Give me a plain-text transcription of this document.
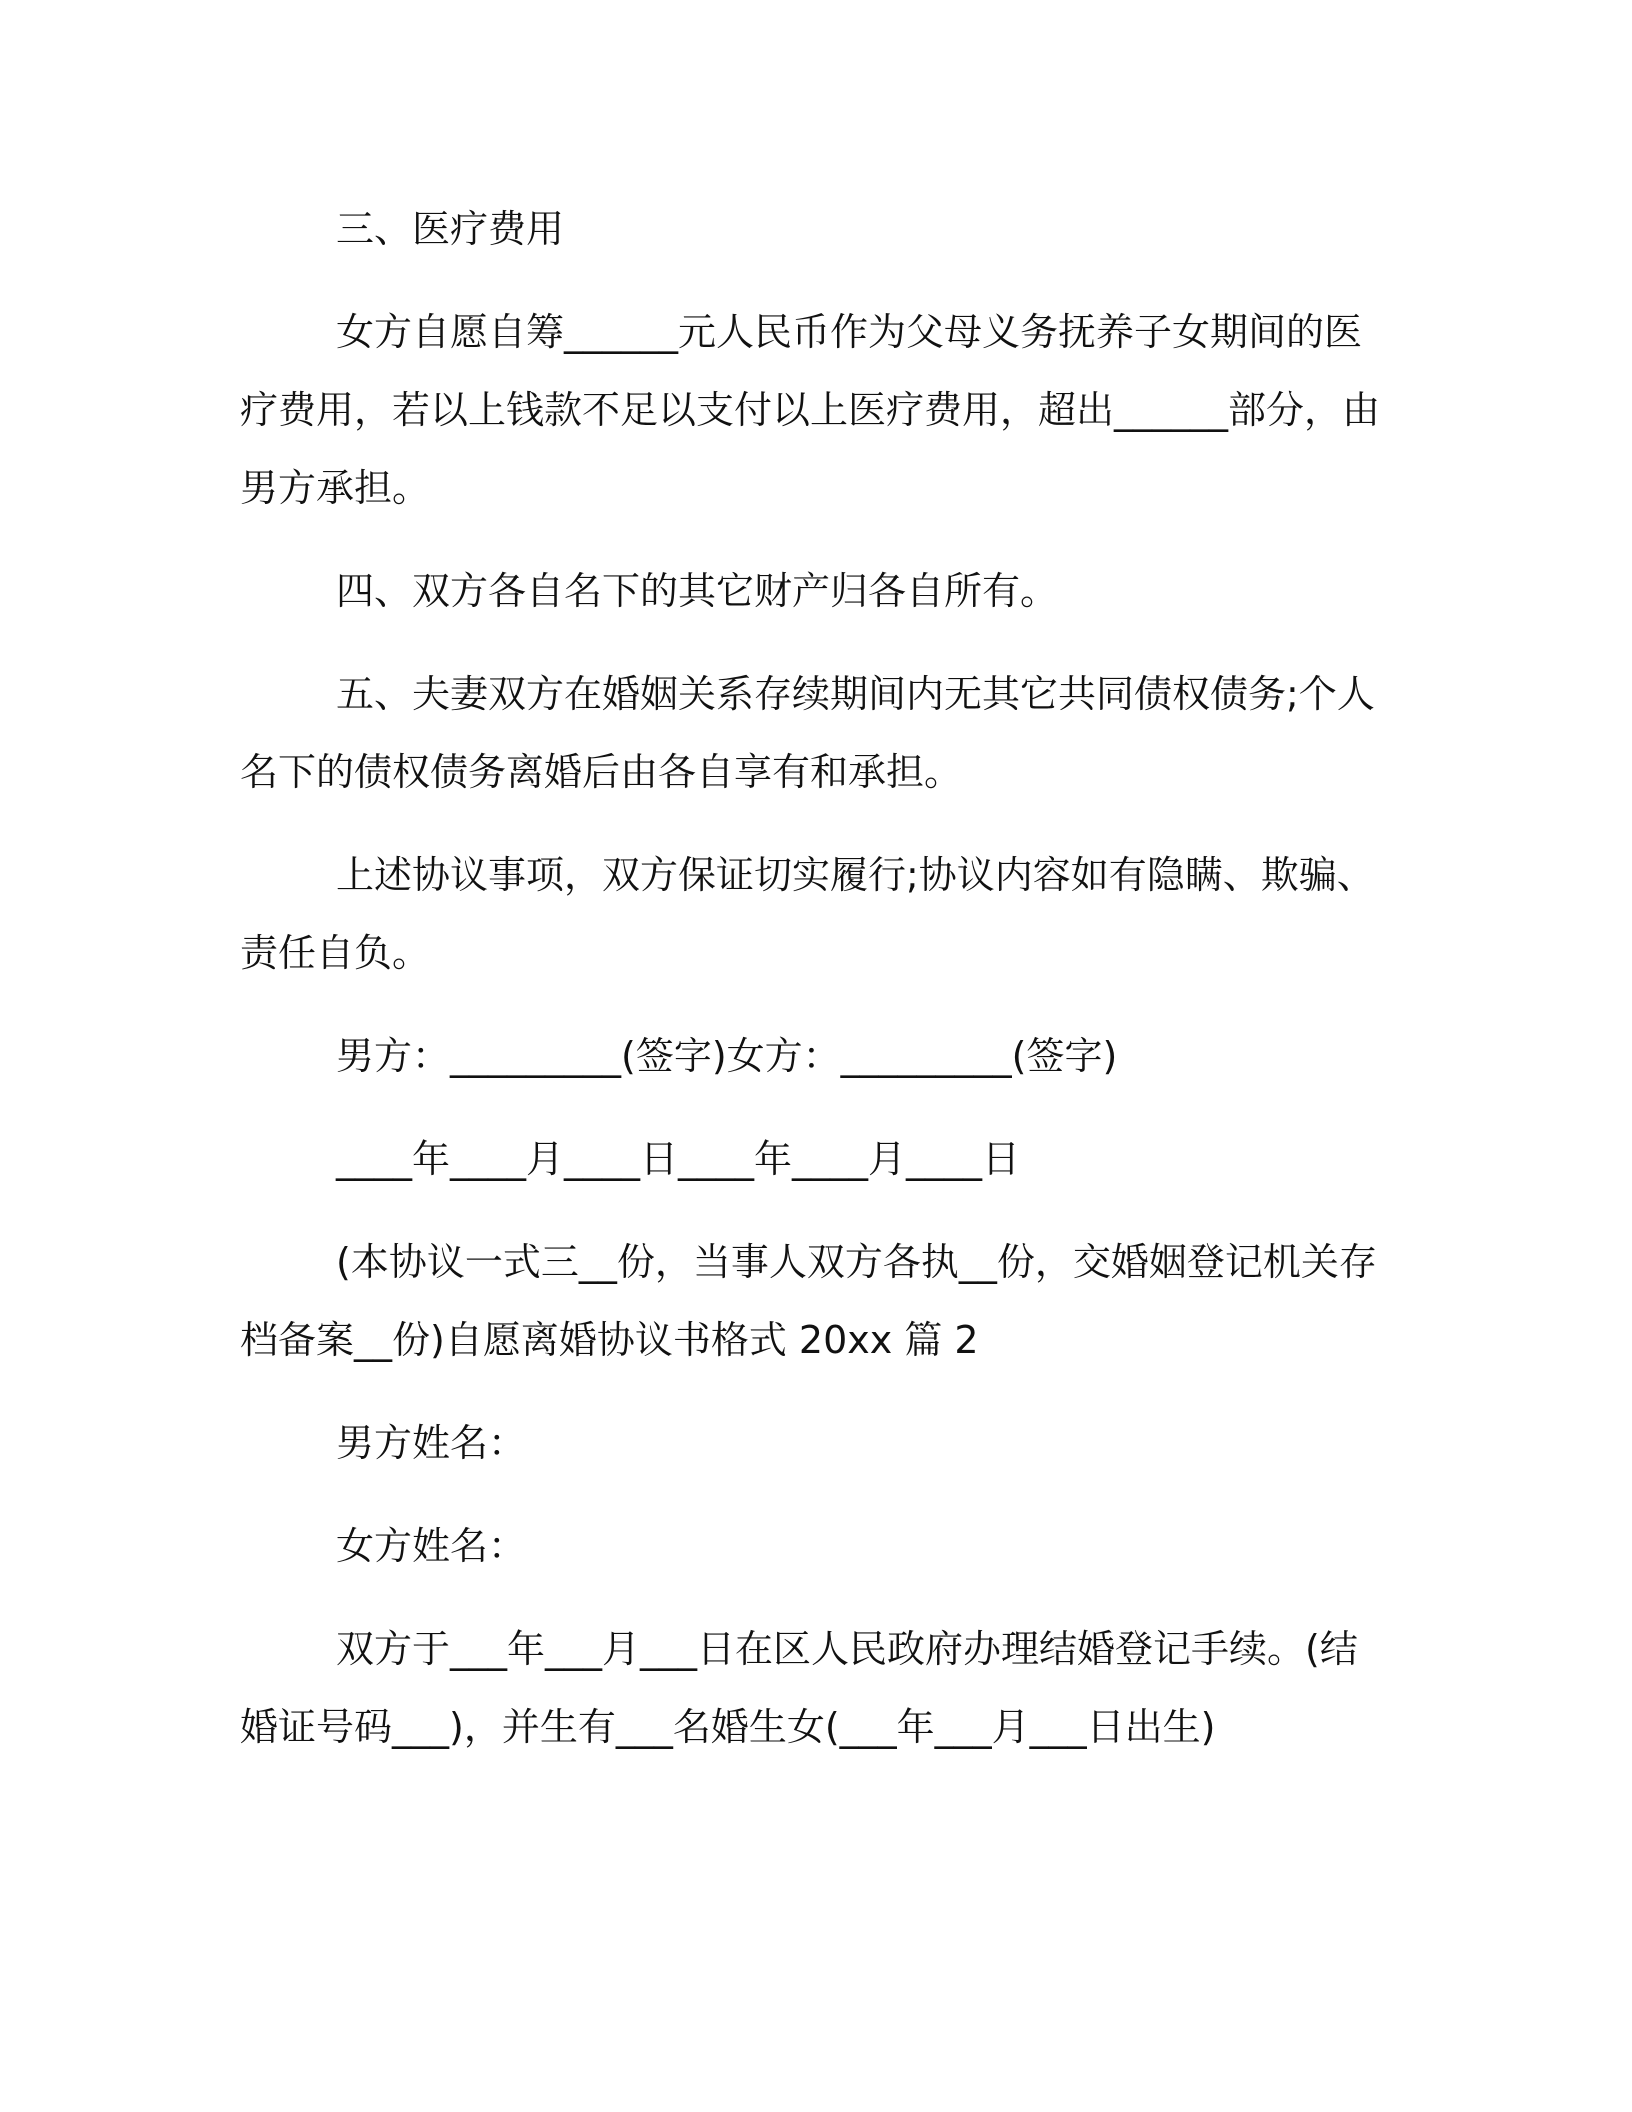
三、医疗费用

女方自愿自筹______元人民币作为父母义务抚养子女期间的医疗费用，若以上钱款不足以支付以上医疗费用，超出______部分，由男方承担。

四、双方各自名下的其它财产归各自所有。

五、夫妻双方在婚姻关系存续期间内无其它共同债权债务;个人名下的债权债务离婚后由各自享有和承担。

上述协议事项，双方保证切实履行;协议内容如有隐瞒、欺骗、责任自负。

男方：_________(签字)女方：_________(签字)

____年____月____日____年____月____日

(本协议一式三__份，当事人双方各执__份，交婚姻登记机关存档备案__份)自愿离婚协议书格式 20xx 篇 2

男方姓名：

女方姓名：

双方于___年___月___日在区人民政府办理结婚登记手续。(结婚证号码___)，并生有___名婚生女(___年___月___日出生)
